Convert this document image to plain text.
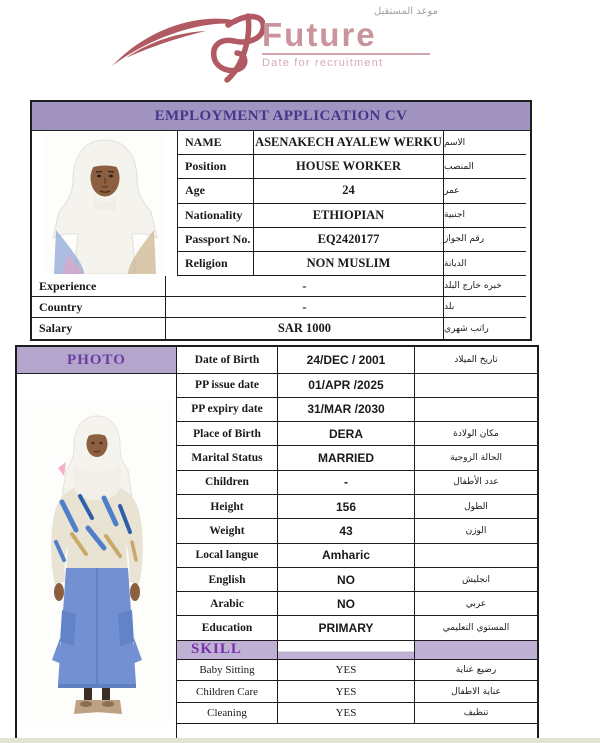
موعد المستقبل
Future
Date for recruitment
EMPLOYMENT APPLICATION CV
NAME	ASENAKECH AYALEW WERKU الاسم
Position	HOUSE WORKER	المنصب
Age	24	عمر
Nationality	ETHIOPIAN	اجنبية
Passport No.	EQ2420177	رقم الجواز
Religion	NON MUSLIM	الديانة
Experience	-	خبره خارج البلد
Country	-	بلد
Salary	SAR 1000	راتب شهري
PHOTO	Date of Birth	24/DEC / 2001	تاريخ الميلاد
PP issue date	01/APR /2025
PP expiry date	31/MAR /2030
Place of Birth	DERA	مكان الولادة
Marital Status	MARRIED	الحالة الزوجية
Children	-	عدد الأطفال
Height	156	الطول
Weight	43	الوزن
Local langue	Amharic
English	NO	انجليش
Arabic	NO	عربي
Education	PRIMARY	المستوي التعليمي
SKILL
Baby Sitting	YES	رضيع عناية
Children Care	YES	عناية الاطفال
Cleaning	YES	تنظيف
